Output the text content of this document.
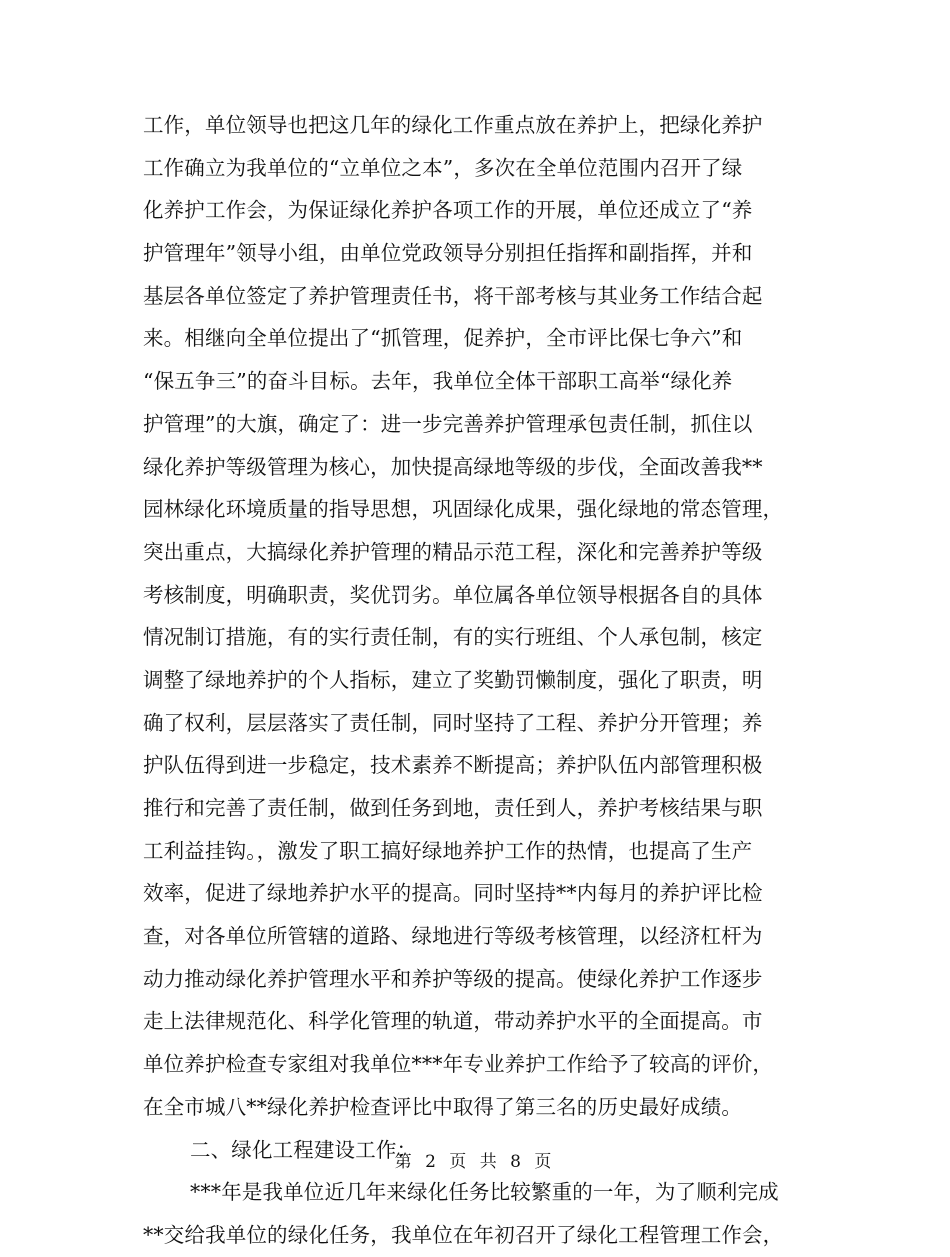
工作，单位领导也把这几年的绿化工作重点放在养护上，把绿化养护
工作确立为我单位的“立单位之本”，多次在全单位范围内召开了绿
化养护工作会，为保证绿化养护各项工作的开展，单位还成立了“养
护管理年”领导小组，由单位党政领导分别担任指挥和副指挥，并和
基层各单位签定了养护管理责任书，将干部考核与其业务工作结合起
来。相继向全单位提出了“抓管理，促养护，全市评比保七争六”和
“保五争三”的奋斗目标。去年，我单位全体干部职工高举“绿化养
护管理”的大旗，确定了：进一步完善养护管理承包责任制，抓住以
绿化养护等级管理为核心，加快提高绿地等级的步伐，全面改善我**
园林绿化环境质量的指导思想，巩固绿化成果，强化绿地的常态管理，
突出重点，大搞绿化养护管理的精品示范工程，深化和完善养护等级
考核制度，明确职责，奖优罚劣。单位属各单位领导根据各自的具体
情况制订措施，有的实行责任制，有的实行班组、个人承包制，核定
调整了绿地养护的个人指标，建立了奖勤罚懒制度，强化了职责，明
确了权利，层层落实了责任制，同时坚持了工程、养护分开管理；养
护队伍得到进一步稳定，技术素养不断提高；养护队伍内部管理积极
推行和完善了责任制，做到任务到地，责任到人，养护考核结果与职
工利益挂钩。，激发了职工搞好绿地养护工作的热情，也提高了生产
效率，促进了绿地养护水平的提高。同时坚持**内每月的养护评比检
查，对各单位所管辖的道路、绿地进行等级考核管理，以经济杠杆为
动力推动绿化养护管理水平和养护等级的提高。使绿化养护工作逐步
走上法律规范化、科学化管理的轨道，带动养护水平的全面提高。市
单位养护检查专家组对我单位***年专业养护工作给予了较高的评价，
在全市城八**绿化养护检查评比中取得了第三名的历史最好成绩。
二、绿化工程建设工作：
***年是我单位近几年来绿化任务比较繁重的一年，为了顺利完成
**交给我单位的绿化任务，我单位在年初召开了绿化工程管理工作会，
第 2 页 共 8 页
